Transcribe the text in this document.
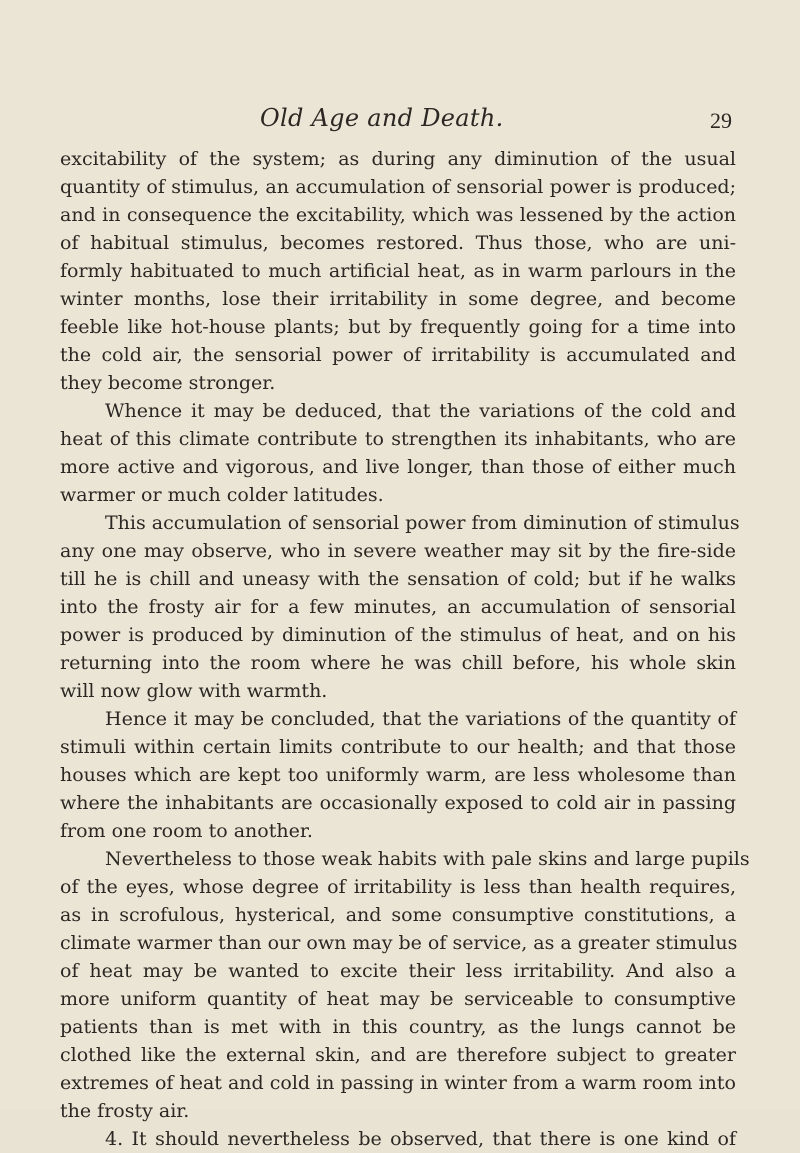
Old Age and Death.	29
excitability of the system; as during any diminution of the usual
quantity of stimulus, an accumulation of sensorial power is produced;
and in consequence the excitability, which was lessened by the action
of habitual stimulus, becomes restored. Thus those, who are uni-
formly habituated to much artificial heat, as in warm parlours in the
winter months, lose their irritability in some degree, and become
feeble like hot-house plants; but by frequently going for a time into
the cold air, the sensorial power of irritability is accumulated and
they become stronger.
Whence it may be deduced, that the variations of the cold and
heat of this climate contribute to strengthen its inhabitants, who are
more active and vigorous, and live longer, than those of either much
warmer or much colder latitudes.
This accumulation of sensorial power from diminution of stimulus
any one may observe, who in severe weather may sit by the fire-side
till he is chill and uneasy with the sensation of cold; but if he walks
into the frosty air for a few minutes, an accumulation of sensorial
power is produced by diminution of the stimulus of heat, and on his
returning into the room where he was chill before, his whole skin
will now glow with warmth.
Hence it may be concluded, that the variations of the quantity of
stimuli within certain limits contribute to our health; and that those
houses which are kept too uniformly warm, are less wholesome than
where the inhabitants are occasionally exposed to cold air in passing
from one room to another.
Nevertheless to those weak habits with pale skins and large pupils
of the eyes, whose degree of irritability is less than health requires,
as in scrofulous, hysterical, and some consumptive constitutions, a
climate warmer than our own may be of service, as a greater stimulus
of heat may be wanted to excite their less irritability. And also a
more uniform quantity of heat may be serviceable to consumptive
patients than is met with in this country, as the lungs cannot be
clothed like the external skin, and are therefore subject to greater
extremes of heat and cold in passing in winter from a warm room into
the frosty air.
4. It should nevertheless be observed, that there is one kind of
